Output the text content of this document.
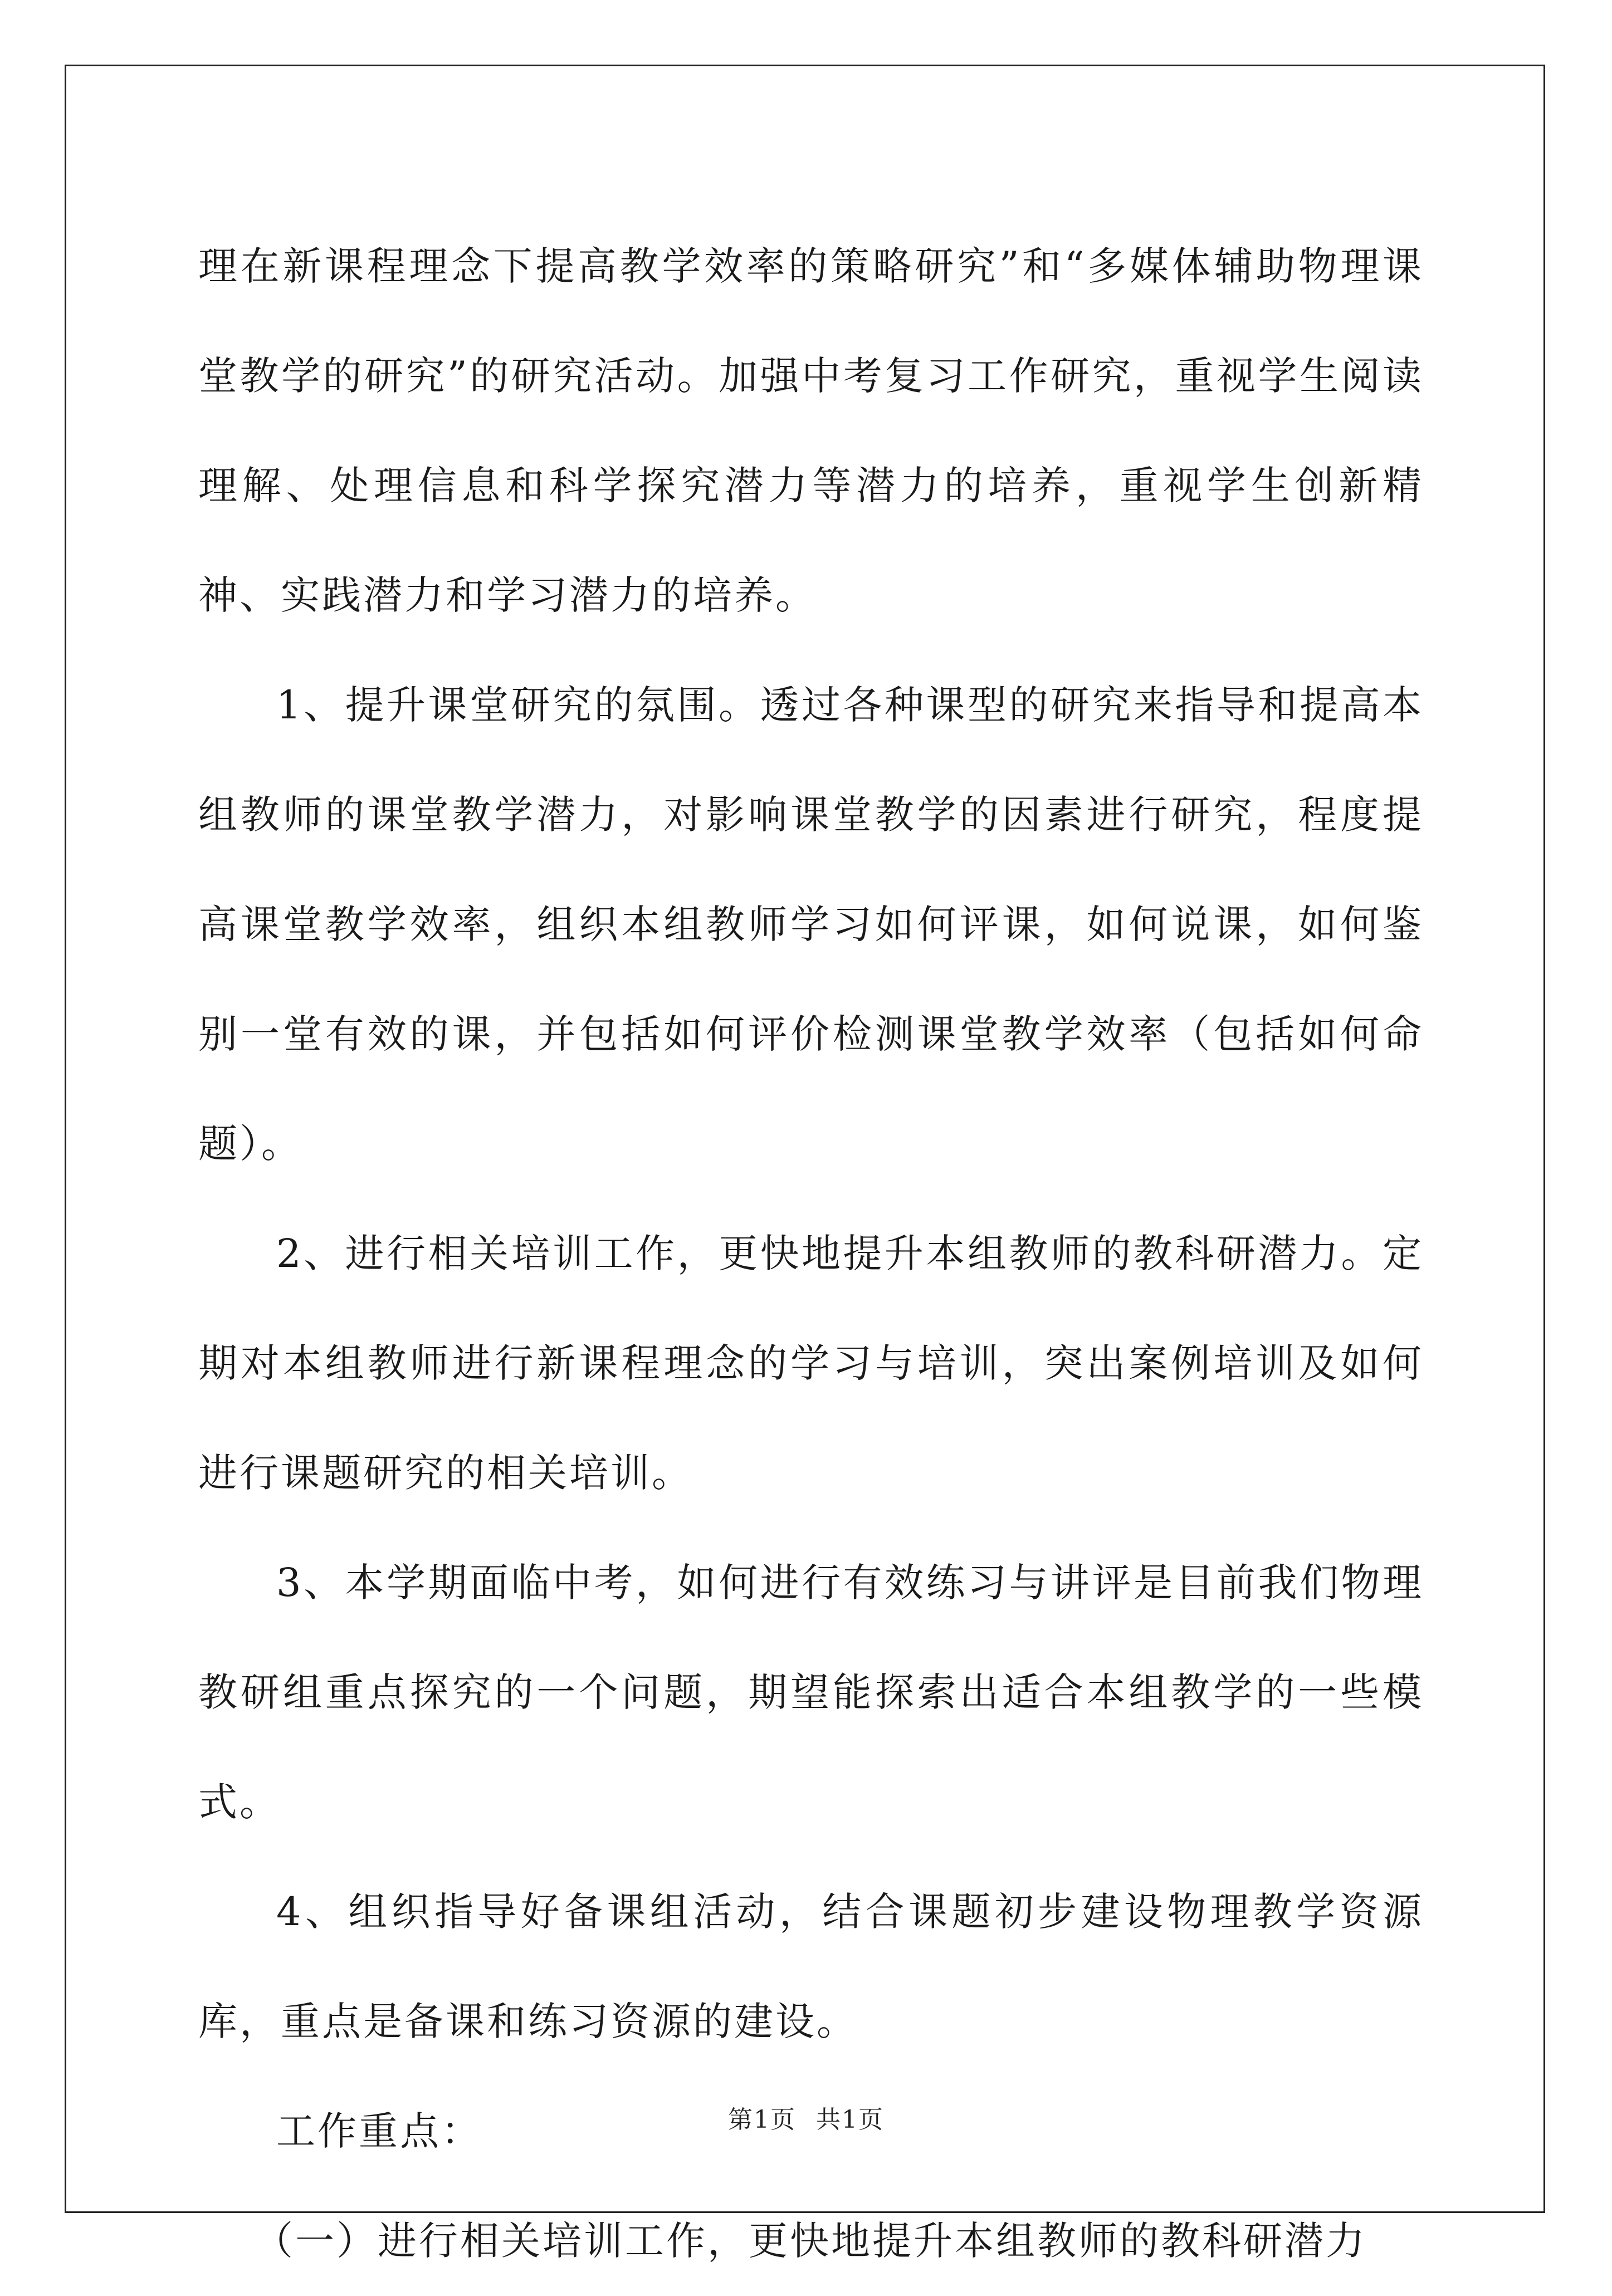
理在新课程理念下提高教学效率的策略研究”和“多媒体辅助物理课堂教学的研究”的研究活动。加强中考复习工作研究，重视学生阅读理解、处理信息和科学探究潜力等潜力的培养，重视学生创新精神、实践潜力和学习潜力的培养。

1、提升课堂研究的氛围。透过各种课型的研究来指导和提高本组教师的课堂教学潜力，对影响课堂教学的因素进行研究，程度提高课堂教学效率，组织本组教师学习如何评课，如何说课，如何鉴别一堂有效的课，并包括如何评价检测课堂教学效率（包括如何命题）。

2、进行相关培训工作，更快地提升本组教师的教科研潜力。定期对本组教师进行新课程理念的学习与培训，突出案例培训及如何进行课题研究的相关培训。

3、本学期面临中考，如何进行有效练习与讲评是目前我们物理教研组重点探究的一个问题，期望能探索出适合本组教学的一些模式。

4、组织指导好备课组活动，结合课题初步建设物理教学资源库，重点是备课和练习资源的建设。

工作重点：

（一）进行相关培训工作，更快地提升本组教师的教科研潜力

第1页 共1页
